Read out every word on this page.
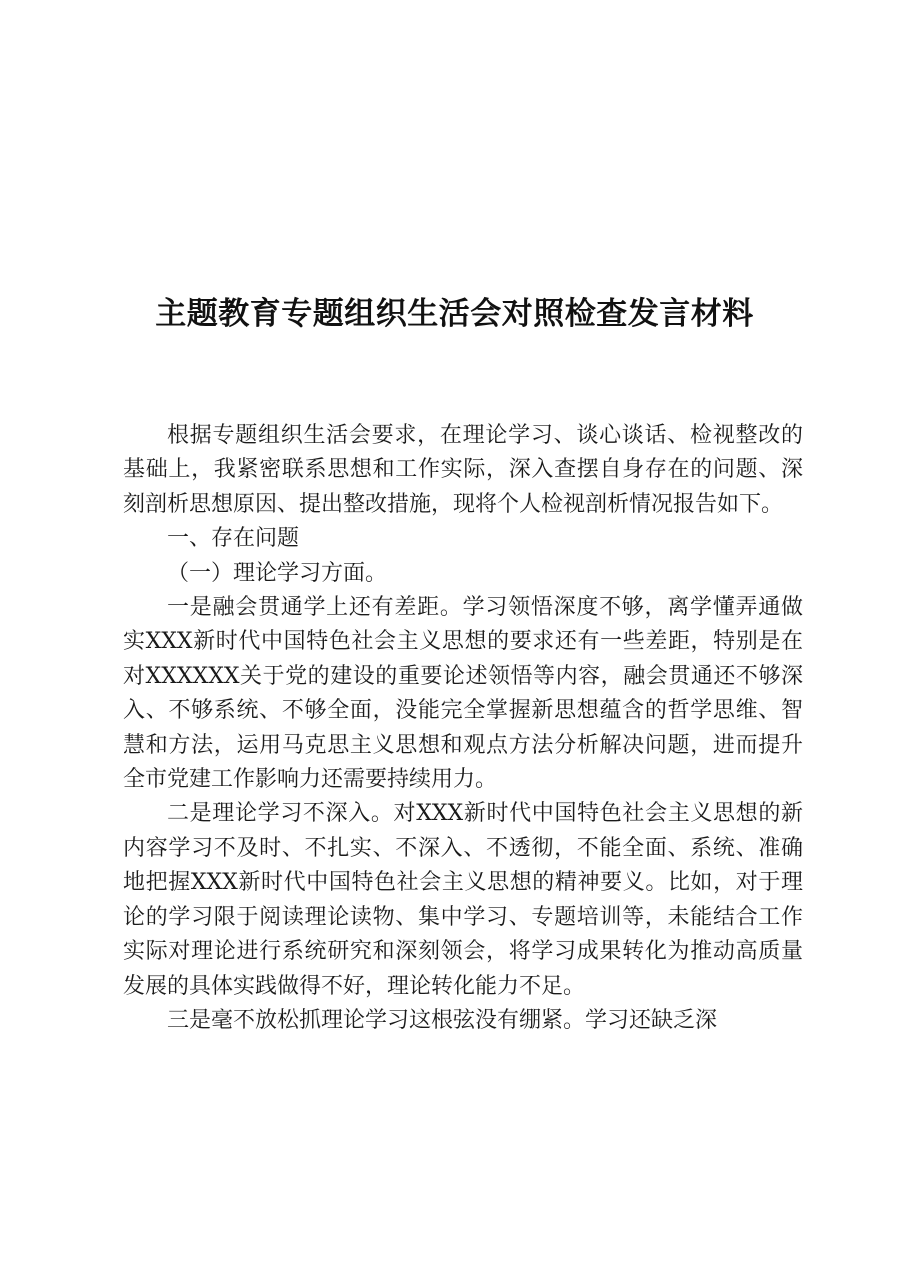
主题教育专题组织生活会对照检查发言材料

根据专题组织生活会要求，在理论学习、谈心谈话、检视整改的基础上，我紧密联系思想和工作实际，深入查摆自身存在的问题、深刻剖析思想原因、提出整改措施，现将个人检视剖析情况报告如下。

一、存在问题

（一）理论学习方面。

一是融会贯通学上还有差距。学习领悟深度不够，离学懂弄通做实XXX新时代中国特色社会主义思想的要求还有一些差距，特别是在对XXXXXX关于党的建设的重要论述领悟等内容，融会贯通还不够深入、不够系统、不够全面，没能完全掌握新思想蕴含的哲学思维、智慧和方法，运用马克思主义思想和观点方法分析解决问题，进而提升全市党建工作影响力还需要持续用力。

二是理论学习不深入。对XXX新时代中国特色社会主义思想的新内容学习不及时、不扎实、不深入、不透彻，不能全面、系统、准确地把握XXX新时代中国特色社会主义思想的精神要义。比如，对于理论的学习限于阅读理论读物、集中学习、专题培训等，未能结合工作实际对理论进行系统研究和深刻领会，将学习成果转化为推动高质量发展的具体实践做得不好，理论转化能力不足。

三是毫不放松抓理论学习这根弦没有绷紧。学习还缺乏深
